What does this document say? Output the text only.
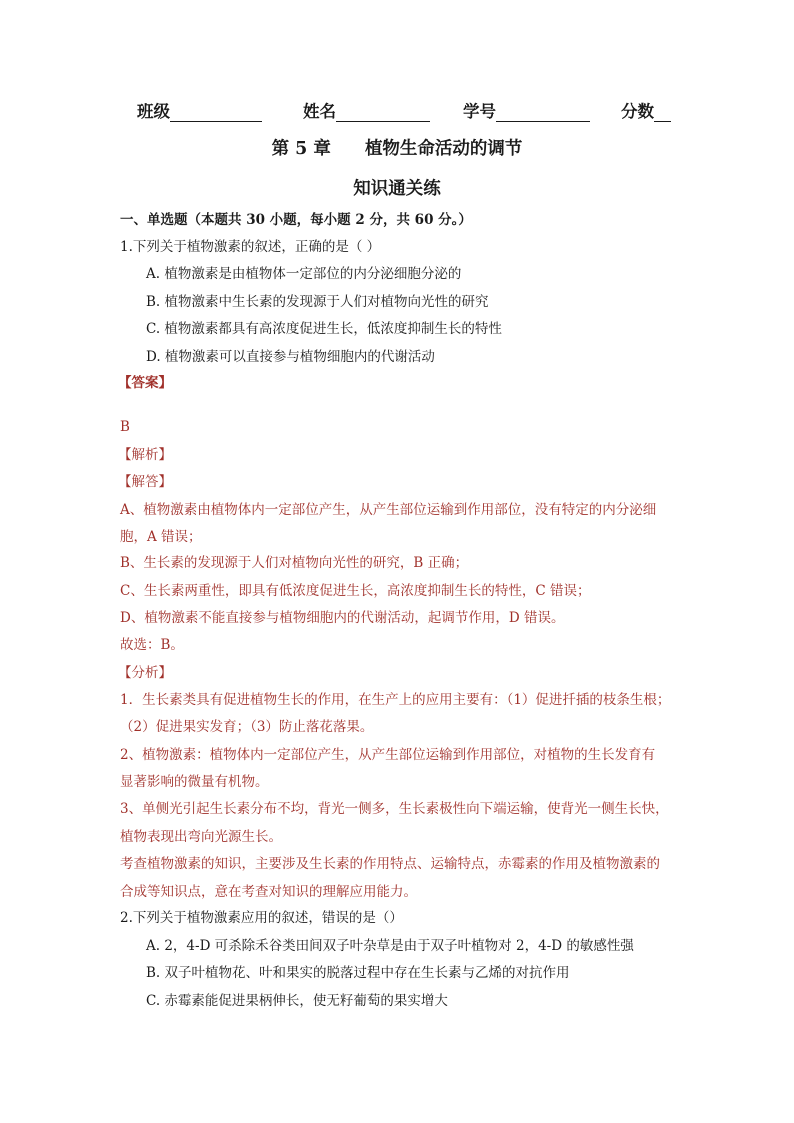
班级	姓名	学号	分数
第 5 章 植物生命活动的调节
知识通关练
一、单选题（本题共 30 小题，每小题 2 分，共 60 分。）
1.下列关于植物激素的叙述，正确的是（ ）
A. 植物激素是由植物体一定部位的内分泌细胞分泌的
B. 植物激素中生长素的发现源于人们对植物向光性的研究
C. 植物激素都具有高浓度促进生长，低浓度抑制生长的特性
D. 植物激素可以直接参与植物细胞内的代谢活动
【答案】
B
【解析】
【解答】
A、植物激素由植物体内一定部位产生，从产生部位运输到作用部位，没有特定的内分泌细
胞，A 错误；
B、生长素的发现源于人们对植物向光性的研究，B 正确；
C、生长素两重性，即具有低浓度促进生长，高浓度抑制生长的特性，C 错误；
D、植物激素不能直接参与植物细胞内的代谢活动，起调节作用，D 错误。
故选：B。
【分析】
1．生长素类具有促进植物生长的作用，在生产上的应用主要有：（1）促进扦插的枝条生根；
（2）促进果实发育；（3）防止落花落果。
2、植物激素：植物体内一定部位产生，从产生部位运输到作用部位，对植物的生长发育有
显著影响的微量有机物。
3、单侧光引起生长素分布不均，背光一侧多，生长素极性向下端运输，使背光一侧生长快，
植物表现出弯向光源生长。
考查植物激素的知识，主要涉及生长素的作用特点、运输特点，赤霉素的作用及植物激素的
合成等知识点，意在考查对知识的理解应用能力。
2.下列关于植物激素应用的叙述，错误的是（）
A. 2，4-D 可杀除禾谷类田间双子叶杂草是由于双子叶植物对 2，4-D 的敏感性强
B. 双子叶植物花、叶和果实的脱落过程中存在生长素与乙烯的对抗作用
C. 赤霉素能促进果柄伸长，使无籽葡萄的果实增大
